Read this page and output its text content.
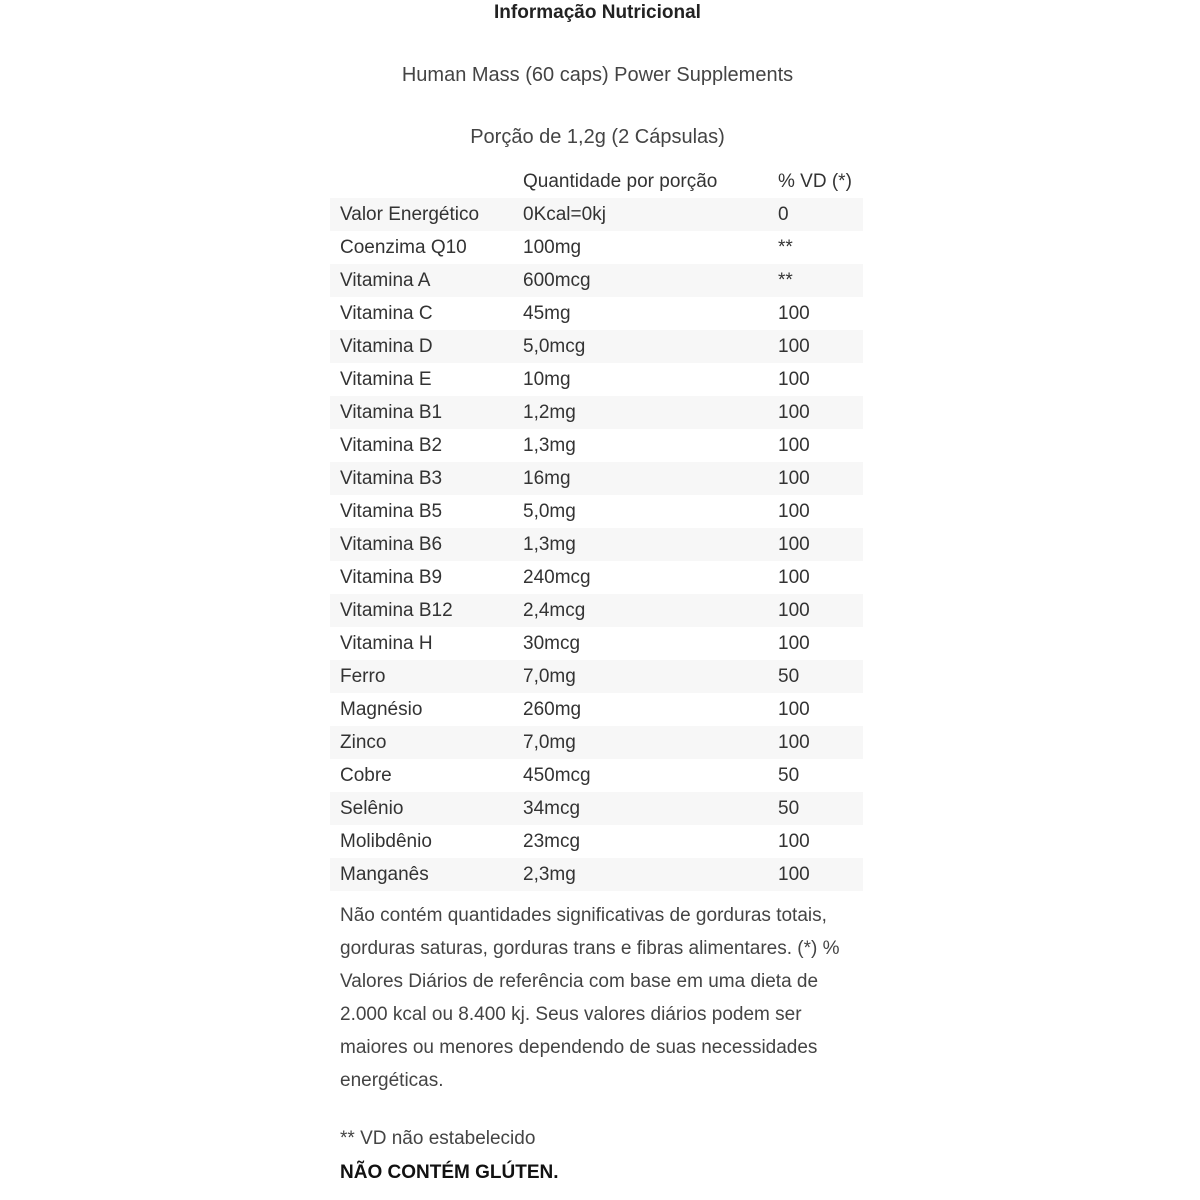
Informação Nutricional
Human Mass (60 caps) Power Supplements
Porção de 1,2g (2 Cápsulas)
	Quantidade por porção	% VD (*)
Valor Energético	0Kcal=0kj	0
Coenzima Q10	100mg	**
Vitamina A	600mcg	**
Vitamina C	45mg	100
Vitamina D	5,0mcg	100
Vitamina E	10mg	100
Vitamina B1	1,2mg	100
Vitamina B2	1,3mg	100
Vitamina B3	16mg	100
Vitamina B5	5,0mg	100
Vitamina B6	1,3mg	100
Vitamina B9	240mcg	100
Vitamina B12	2,4mcg	100
Vitamina H	30mcg	100
Ferro	7,0mg	50
Magnésio	260mg	100
Zinco	7,0mg	100
Cobre	450mcg	50
Selênio	34mcg	50
Molibdênio	23mcg	100
Manganês	2,3mg	100
Não contém quantidades significativas de gorduras totais, gorduras saturas, gorduras trans e fibras alimentares. (*) % Valores Diários de referência com base em uma dieta de 2.000 kcal ou 8.400 kj. Seus valores diários podem ser maiores ou menores dependendo de suas necessidades energéticas.
** VD não estabelecido
NÃO CONTÉM GLÚTEN.
